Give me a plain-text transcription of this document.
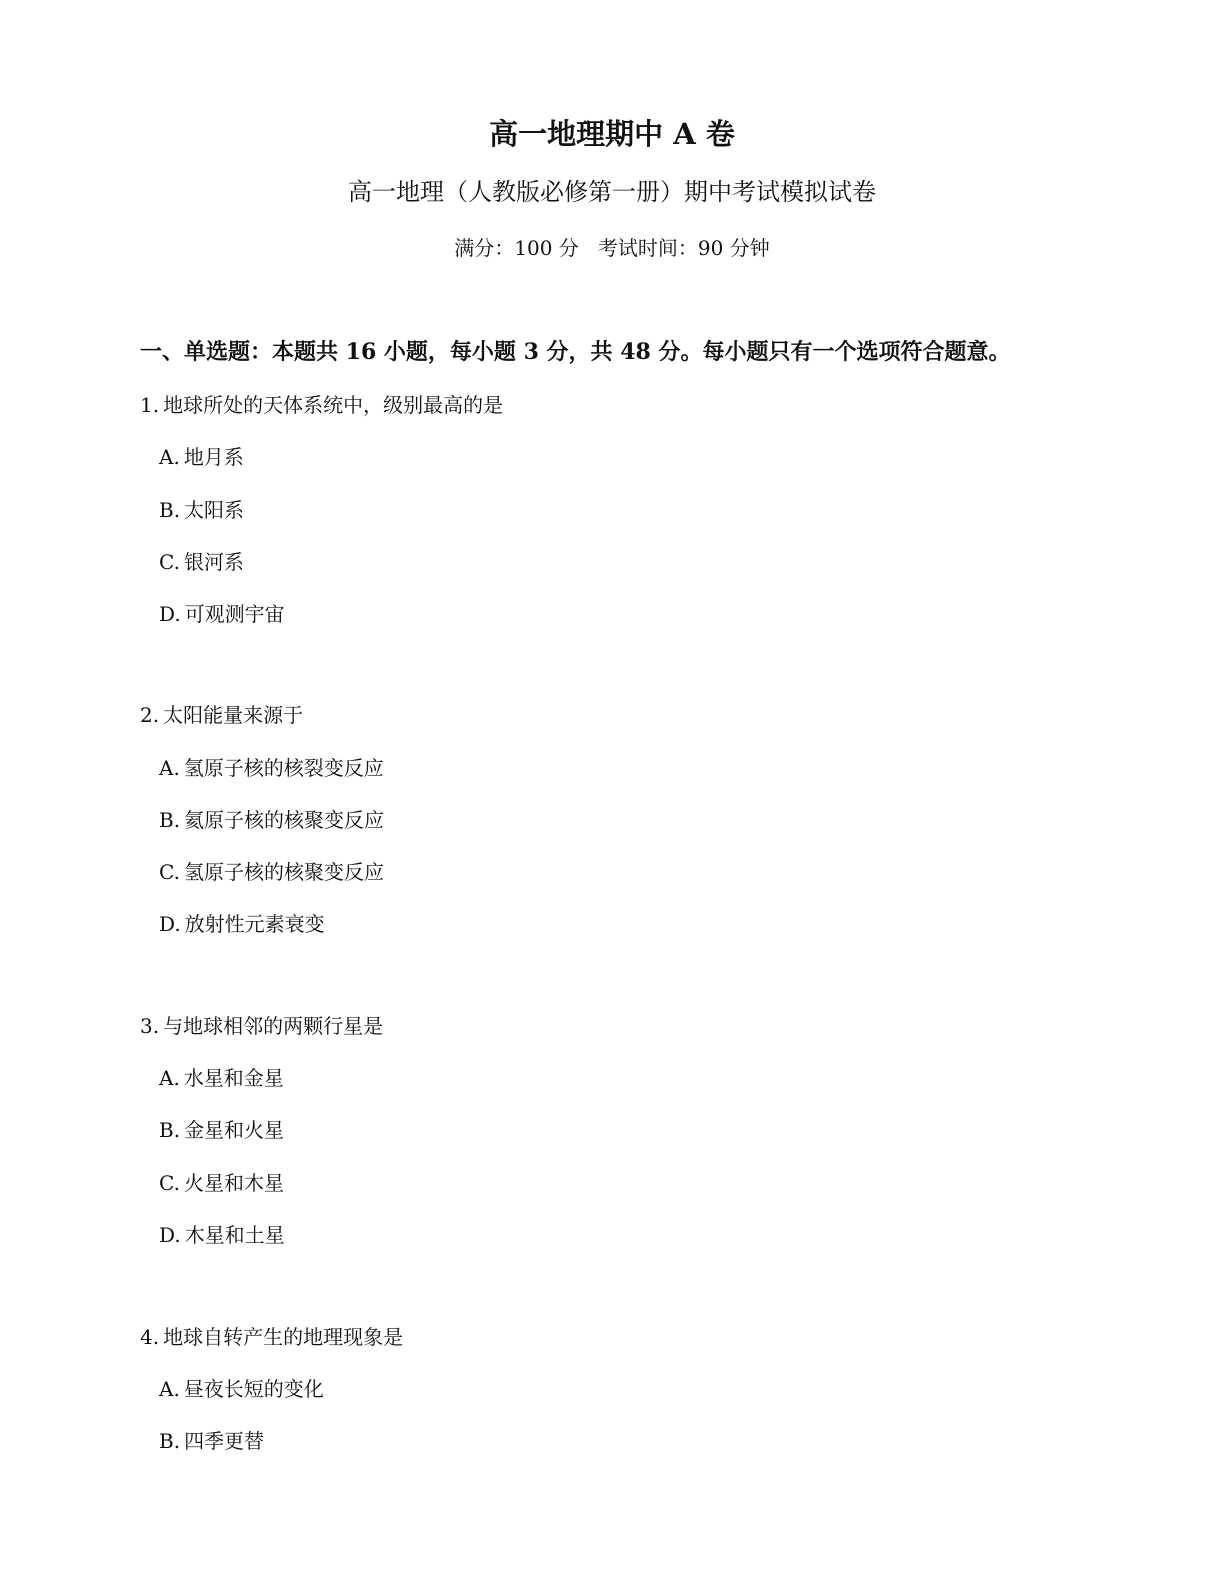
高一地理期中 A 卷
高一地理（人教版必修第一册）期中考试模拟试卷
满分：100 分   考试时间：90 分钟
一、单选题：本题共 16 小题，每小题 3 分，共 48 分。每小题只有一个选项符合题意。
1. 地球所处的天体系统中，级别最高的是
A. 地月系
B. 太阳系
C. 银河系
D. 可观测宇宙
2. 太阳能量来源于
A. 氢原子核的核裂变反应
B. 氦原子核的核聚变反应
C. 氢原子核的核聚变反应
D. 放射性元素衰变
3. 与地球相邻的两颗行星是
A. 水星和金星
B. 金星和火星
C. 火星和木星
D. 木星和土星
4. 地球自转产生的地理现象是
A. 昼夜长短的变化
B. 四季更替
